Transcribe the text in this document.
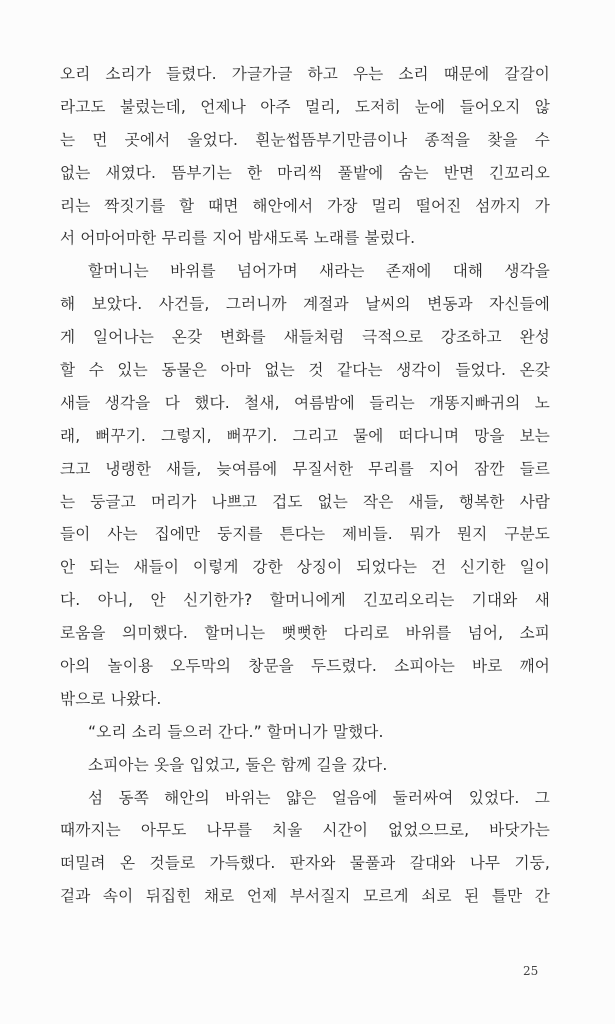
오리 소리가 들렸다. 가글가글 하고 우는 소리 때문에 갈갈이
라고도 불렀는데, 언제나 아주 멀리, 도저히 눈에 들어오지 않
는 먼 곳에서 울었다. 흰눈썹뜸부기만큼이나 종적을 찾을 수
없는 새였다. 뜸부기는 한 마리씩 풀밭에 숨는 반면 긴꼬리오
리는 짝짓기를 할 때면 해안에서 가장 멀리 떨어진 섬까지 가
서 어마어마한 무리를 지어 밤새도록 노래를 불렀다.
할머니는 바위를 넘어가며 새라는 존재에 대해 생각을
해 보았다. 사건들, 그러니까 계절과 날씨의 변동과 자신들에
게 일어나는 온갖 변화를 새들처럼 극적으로 강조하고 완성
할 수 있는 동물은 아마 없는 것 같다는 생각이 들었다. 온갖
새들 생각을 다 했다. 철새, 여름밤에 들리는 개똥지빠귀의 노
래, 뻐꾸기. 그렇지, 뻐꾸기. 그리고 물에 떠다니며 망을 보는
크고 냉랭한 새들, 늦여름에 무질서한 무리를 지어 잠깐 들르
는 둥글고 머리가 나쁘고 겁도 없는 작은 새들, 행복한 사람
들이 사는 집에만 둥지를 튼다는 제비들. 뭐가 뭔지 구분도
안 되는 새들이 이렇게 강한 상징이 되었다는 건 신기한 일이
다. 아니, 안 신기한가? 할머니에게 긴꼬리오리는 기대와 새
로움을 의미했다. 할머니는 뻣뻣한 다리로 바위를 넘어, 소피
아의 놀이용 오두막의 창문을 두드렸다. 소피아는 바로 깨어
밖으로 나왔다.
“오리 소리 들으러 간다.” 할머니가 말했다.
소피아는 옷을 입었고, 둘은 함께 길을 갔다.
섬 동쪽 해안의 바위는 얇은 얼음에 둘러싸여 있었다. 그
때까지는 아무도 나무를 치울 시간이 없었으므로, 바닷가는
떠밀려 온 것들로 가득했다. 판자와 물풀과 갈대와 나무 기둥,
겉과 속이 뒤집힌 채로 언제 부서질지 모르게 쇠로 된 틀만 간
25
